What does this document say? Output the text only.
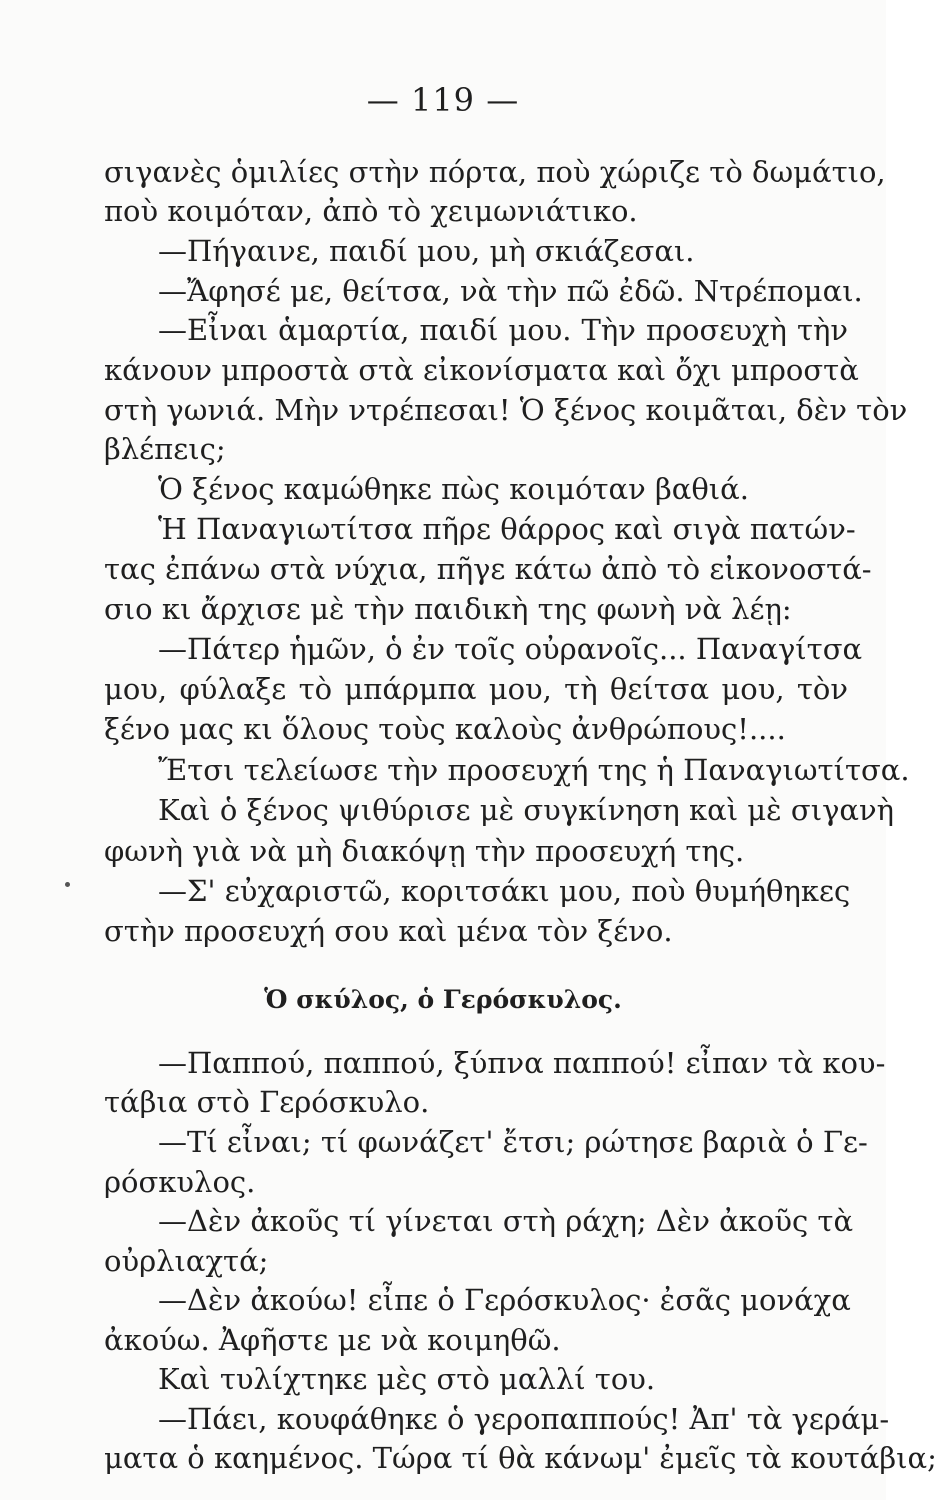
— 119 —
σιγανὲς ὁμιλίες στὴν πόρτα, ποὺ χώριζε τὸ δωμάτιο,
ποὺ κοιμόταν, ἀπὸ τὸ χειμωνιάτικο.
—Πήγαινε, παιδί μου, μὴ σκιάζεσαι.
—Ἄφησέ με, θείτσα, νὰ τὴν πῶ ἐδῶ. Ντρέπομαι.
—Εἶναι ἁμαρτία, παιδί μου. Τὴν προσευχὴ τὴν
κάνουν μπροστὰ στὰ εἰκονίσματα καὶ ὄχι μπροστὰ
στὴ γωνιά. Μὴν ντρέπεσαι! Ὁ ξένος κοιμᾶται, δὲν τὸν
βλέπεις;
Ὁ ξένος καμώθηκε πὼς κοιμόταν βαθιά.
Ἡ Παναγιωτίτσα πῆρε θάρρος καὶ σιγὰ πατών-
τας ἐπάνω στὰ νύχια, πῆγε κάτω ἀπὸ τὸ εἰκονοστά-
σιο κι ἄρχισε μὲ τὴν παιδικὴ της φωνὴ νὰ λέῃ:
—Πάτερ ἡμῶν, ὁ ἐν τοῖς οὐρανοῖς... Παναγίτσα
μου, φύλαξε τὸ μπάρμπα μου, τὴ θείτσα μου, τὸν
ξένο μας κι ὅλους τοὺς καλοὺς ἀνθρώπους!....
Ἔτσι τελείωσε τὴν προσευχή της ἡ Παναγιωτίτσα.
Καὶ ὁ ξένος ψιθύρισε μὲ συγκίνηση καὶ μὲ σιγανὴ
φωνὴ γιὰ νὰ μὴ διακόψῃ τὴν προσευχή της.
—Σ' εὐχαριστῶ, κοριτσάκι μου, ποὺ θυμήθηκες
στὴν προσευχή σου καὶ μένα τὸν ξένο.
Ὁ σκύλος, ὁ Γερόσκυλος.
—Παππού, παππού, ξύπνα παππού! εἶπαν τὰ κου-
τάβια στὸ Γερόσκυλο.
—Τί εἶναι; τί φωνάζετ' ἔτσι; ρώτησε βαριὰ ὁ Γε-
ρόσκυλος.
—Δὲν ἀκοῦς τί γίνεται στὴ ράχη; Δὲν ἀκοῦς τὰ
οὐρλιαχτά;
—Δὲν ἀκούω! εἶπε ὁ Γερόσκυλος· ἐσᾶς μονάχα
ἀκούω. Ἀφῆστε με νὰ κοιμηθῶ.
Καὶ τυλίχτηκε μὲς στὸ μαλλί του.
—Πάει, κουφάθηκε ὁ γεροπαππούς! Ἀπ' τὰ γεράμ-
ματα ὁ καημένος. Τώρα τί θὰ κάνωμ' ἐμεῖς τὰ κουτάβια;
